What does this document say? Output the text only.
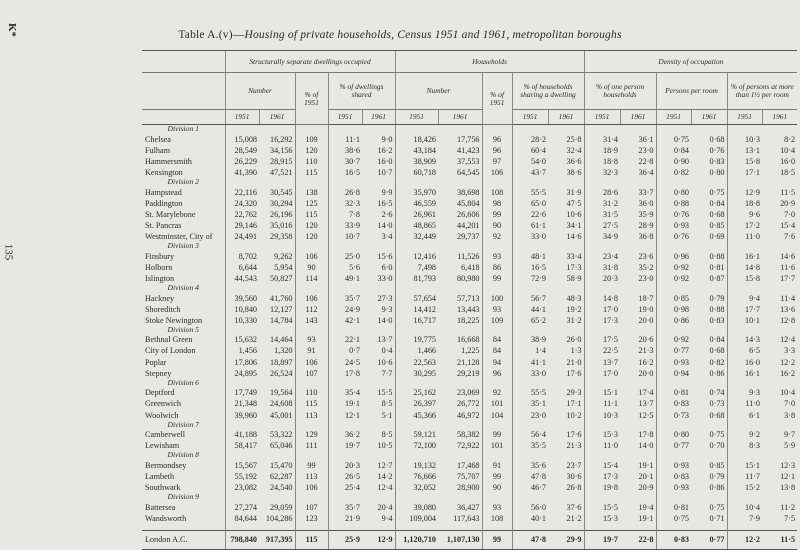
K*
135
Table A.(v)—Housing of private households, Census 1951 and 1961, metropolitan boroughs
	Structurally separate dwellings occupied					Households					Density of occupation					
	Number		% of 1951	% of dwellings shared		Number		% of 1951	% of households sharing a dwelling		% of one person households		Persons per room		% of persons at more than 1½ per room	
	1951	1961		1951	1961	1951	1961		1951	1961	1951	1961	1951	1961	1951	1961
Division 1																
Chelsea	15,008	16,292	109	11·1	9·0	18,426	17,756	96	28·2	25·8	31·4	36·1	0·75	0·68	10·3	8·2
Fulham	28,549	34,156	120	38·6	16·2	43,184	41,423	96	60·4	32·4	18·9	23·0	0·84	0·76	13·1	10·4
Hammersmith	26,229	28,915	110	30·7	16·0	38,909	37,553	97	54·0	36·6	18·8	22·8	0·90	0·83	15·8	16·0
Kensington	41,390	47,521	115	16·5	10·7	60,718	64,545	106	43·7	38·6	32·3	36·4	0·82	0·80	17·1	18·5
Division 2																
Hampstead	22,116	30,545	138	26·8	9·9	35,970	38,698	108	55·5	31·9	28·6	33·7	0·80	0·75	12·9	11·5
Paddington	24,320	30,294	125	32·3	16·5	46,559	45,804	98	65·0	47·5	31·2	36·0	0·88	0·84	18·8	20·9
St. Marylebone	22,762	26,196	115	7·8	2·6	26,961	26,606	99	22·6	10·6	31·5	35·9	0·76	0·68	9·6	7·0
St. Pancras	29,146	35,016	120	33·9	14·0	48,865	44,201	90	61·1	34·1	27·5	28·9	0·93	0·85	17·2	15·4
Westminster, City of	24,491	29,358	120	10·7	3·4	32,449	29,737	92	33·0	14·6	34·9	36·8	0·76	0·69	11·0	7·6
Division 3																
Finsbury	8,702	9,262	106	25·0	15·6	12,416	11,526	93	48·1	33·4	23·4	23·6	0·96	0·88	16·1	14·6
Holborn	6,644	5,954	90	5·6	6·0	7,498	6,418	86	16·5	17·3	31·8	35·2	0·92	0·81	14·8	11·6
Islington	44,543	50,827	114	49·1	33·0	81,793	80,980	99	72·9	58·9	20·3	23·0	0·92	0·87	15·8	17·7
Division 4																
Hackney	39,560	41,760	106	35·7	27·3	57,654	57,713	100	56·7	48·3	14·8	18·7	0·85	0·79	9·4	11·4
Shoreditch	10,840	12,127	112	24·9	9·3	14,412	13,443	93	44·1	19·2	17·0	19·0	0·98	0·88	17·7	13·6
Stoke Newington	10,330	14,784	143	42·1	14·0	16,717	18,225	109	65·2	31·2	17·3	20·0	0·86	0·83	10·1	12·8
Division 5																
Bethnal Green	15,632	14,464	93	22·1	13·7	19,775	16,668	84	38·9	26·0	17·5	20·6	0·92	0·84	14·3	12·4
City of London	1,456	1,320	91	0·7	0·4	1,466	1,225	84	1·4	1·3	22·5	21·3	0·77	0·68	6·5	3·3
Poplar	17,806	18,897	106	24·5	10·6	22,563	21,128	94	41·1	21·0	13·7	16·2	0·93	0·82	16·0	12·2
Stepney	24,895	26,524	107	17·8	7·7	30,295	29,219	96	33·0	17·6	17·0	20·0	0·94	0·86	16·1	16·2
Division 6																
Deptford	17,749	19,564	110	35·4	15·5	25,162	23,069	92	55·5	29·3	15·1	17·4	0·81	0·74	9·3	10·4
Greenwich	21,348	24,608	115	19·1	8·5	26,397	26,772	101	35·1	17·1	11·1	13·7	0·83	0·73	11·0	7·0
Woolwich	39,960	45,001	113	12·1	5·1	45,366	46,972	104	23·0	10·2	10·3	12·5	0·73	0·68	6·1	3·8
Division 7																
Camberwell	41,188	53,322	129	36·2	8·5	59,121	58,382	99	56·4	17·6	15·3	17·8	0·80	0·75	9·2	9·7
Lewisham	58,417	65,046	111	19·7	10·5	72,100	72,922	101	35·5	21·3	11·0	14·0	0·77	0·70	8·3	5·9
Division 8																
Bermondsey	15,567	15,470	99	20·3	12·7	19,132	17,468	91	35·6	23·7	15·4	19·1	0·93	0·85	15·1	12·3
Lambeth	55,192	62,287	113	26·5	14·2	76,666	75,707	99	47·8	30·6	17·3	20·1	0·83	0·79	11·7	12·1
Southwark	23,082	24,540	106	25·4	12·4	32,052	28,900	90	46·7	26·8	19·8	20·9	0·93	0·86	15·2	13·8
Division 9																
Battersea	27,274	29,059	107	35·7	20·4	39,080	36,427	93	56·0	37·6	15·5	19·4	0·81	0·75	10·4	11·2
Wandsworth	84,644	104,286	123	21·9	9·4	109,004	117,643	108	40·1	21·2	15·3	19·1	0·75	0·71	7·9	7·5

London A.C.	798,840	917,395	115	25·9	12·9	1,120,710	1,107,130	99	47·8	29·9	19·7	22·8	0·83	0·77	12·2	11·5
